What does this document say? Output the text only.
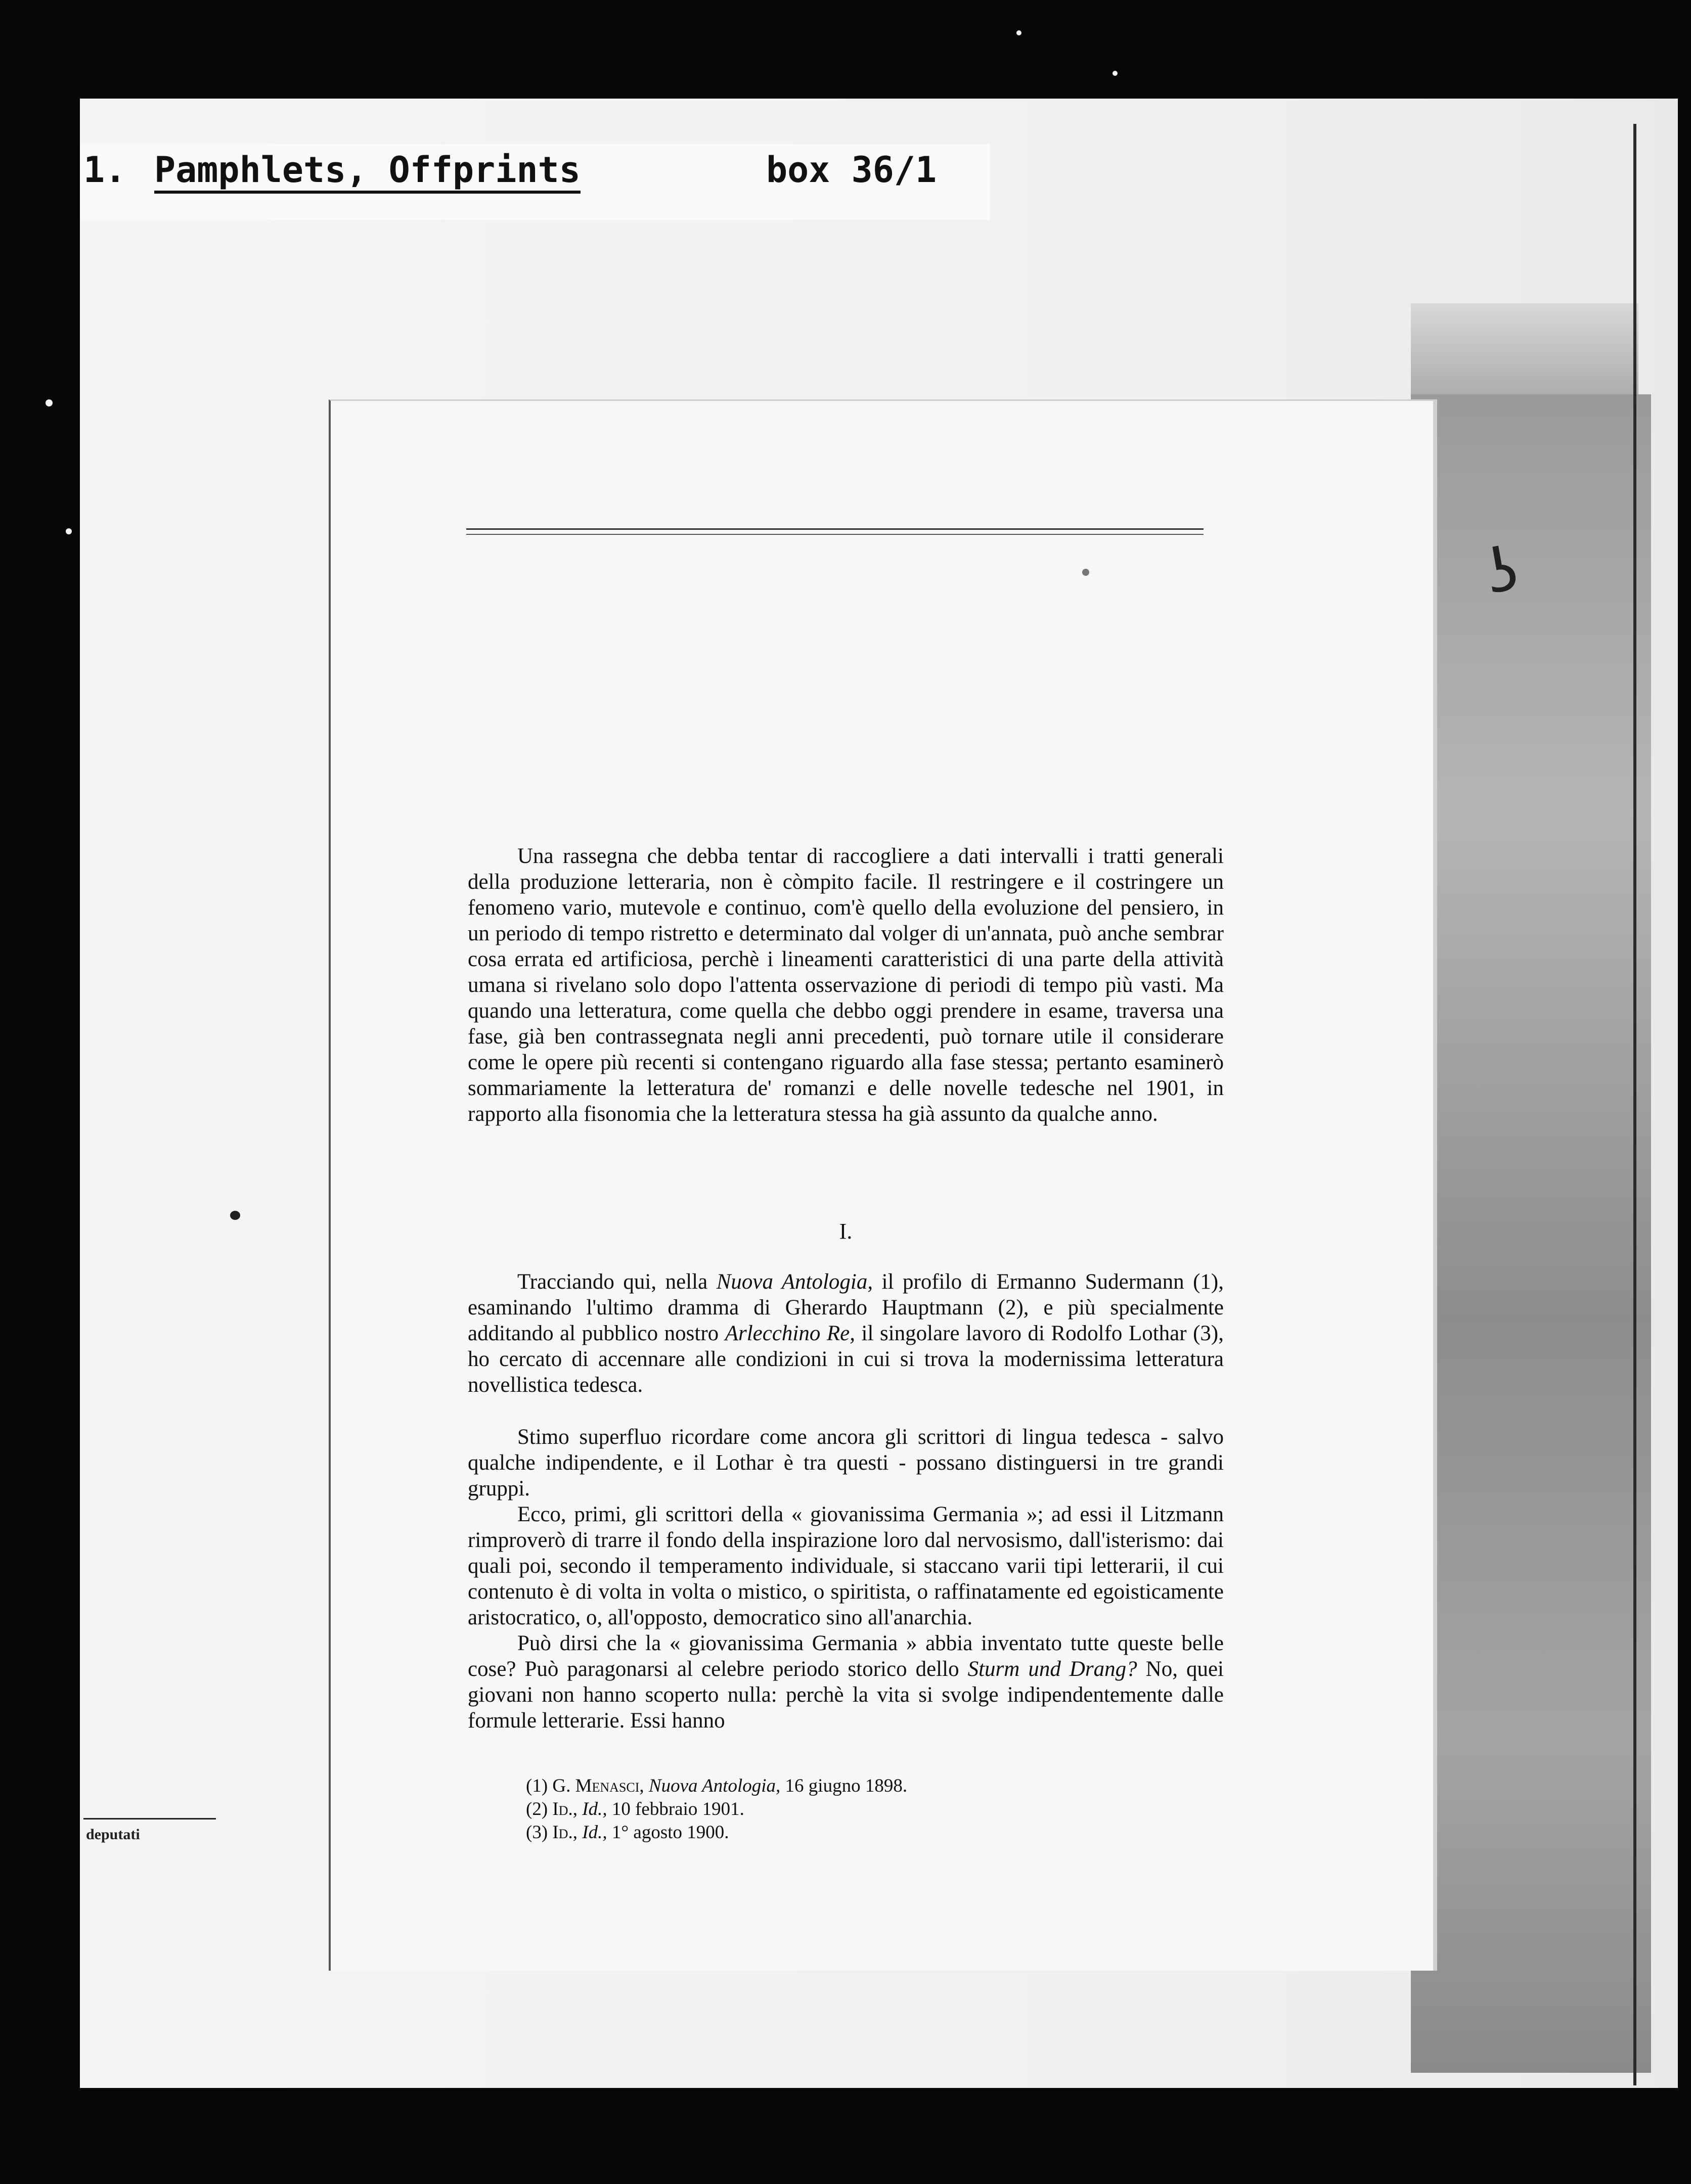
1.

Pamphlets, Offprints

	box 36/1

deputati
ʖ
Una rassegna che debba tentar di raccogliere a dati intervalli i tratti generali della produzione letteraria, non è còmpito facile. Il restringere e il costringere un fenomeno vario, mutevole e continuo, com'è quello della evoluzione del pensiero, in un periodo di tempo ristretto e determinato dal volger di un'annata, può anche sembrar cosa errata ed artificiosa, perchè i lineamenti caratteristici di una parte della attività umana si rivelano solo dopo l'attenta osservazione di periodi di tempo più vasti. Ma quando una letteratura, come quella che debbo oggi prendere in esame, traversa una fase, già ben contrassegnata negli anni precedenti, può tornare utile il considerare come le opere più recenti si contengano riguardo alla fase stessa; pertanto esaminerò sommariamente la letteratura de' romanzi e delle novelle tedesche nel 1901, in rapporto alla fisonomia che la letteratura stessa ha già assunto da qualche anno.
I.
Tracciando qui, nella Nuova Antologia, il profilo di Ermanno Sudermann (1), esaminando l'ultimo dramma di Gherardo Hauptmann (2), e più specialmente additando al pubblico nostro Arlecchino Re, il singolare lavoro di Rodolfo Lothar (3), ho cercato di accennare alle condizioni in cui si trova la modernissima letteratura novellistica tedesca.
Stimo superfluo ricordare come ancora gli scrittori di lingua tedesca - salvo qualche indipendente, e il Lothar è tra questi - possano distinguersi in tre grandi gruppi.
Ecco, primi, gli scrittori della « giovanissima Germania »; ad essi il Litzmann rimproverò di trarre il fondo della inspirazione loro dal nervosismo, dall'isterismo: dai quali poi, secondo il temperamento individuale, si staccano varii tipi letterarii, il cui contenuto è di volta in volta o mistico, o spiritista, o raffinatamente ed egoisticamente aristocratico, o, all'opposto, democratico sino all'anarchia.
Può dirsi che la « giovanissima Germania » abbia inventato tutte queste belle cose? Può paragonarsi al celebre periodo storico dello Sturm und Drang? No, quei giovani non hanno scoperto nulla: perchè la vita si svolge indipendentemente dalle formule letterarie. Essi hanno
(1) G. Menasci, Nuova Antologia, 16 giugno 1898.
(2) Id., Id., 10 febbraio 1901.
(3) Id., Id., 1° agosto 1900.
